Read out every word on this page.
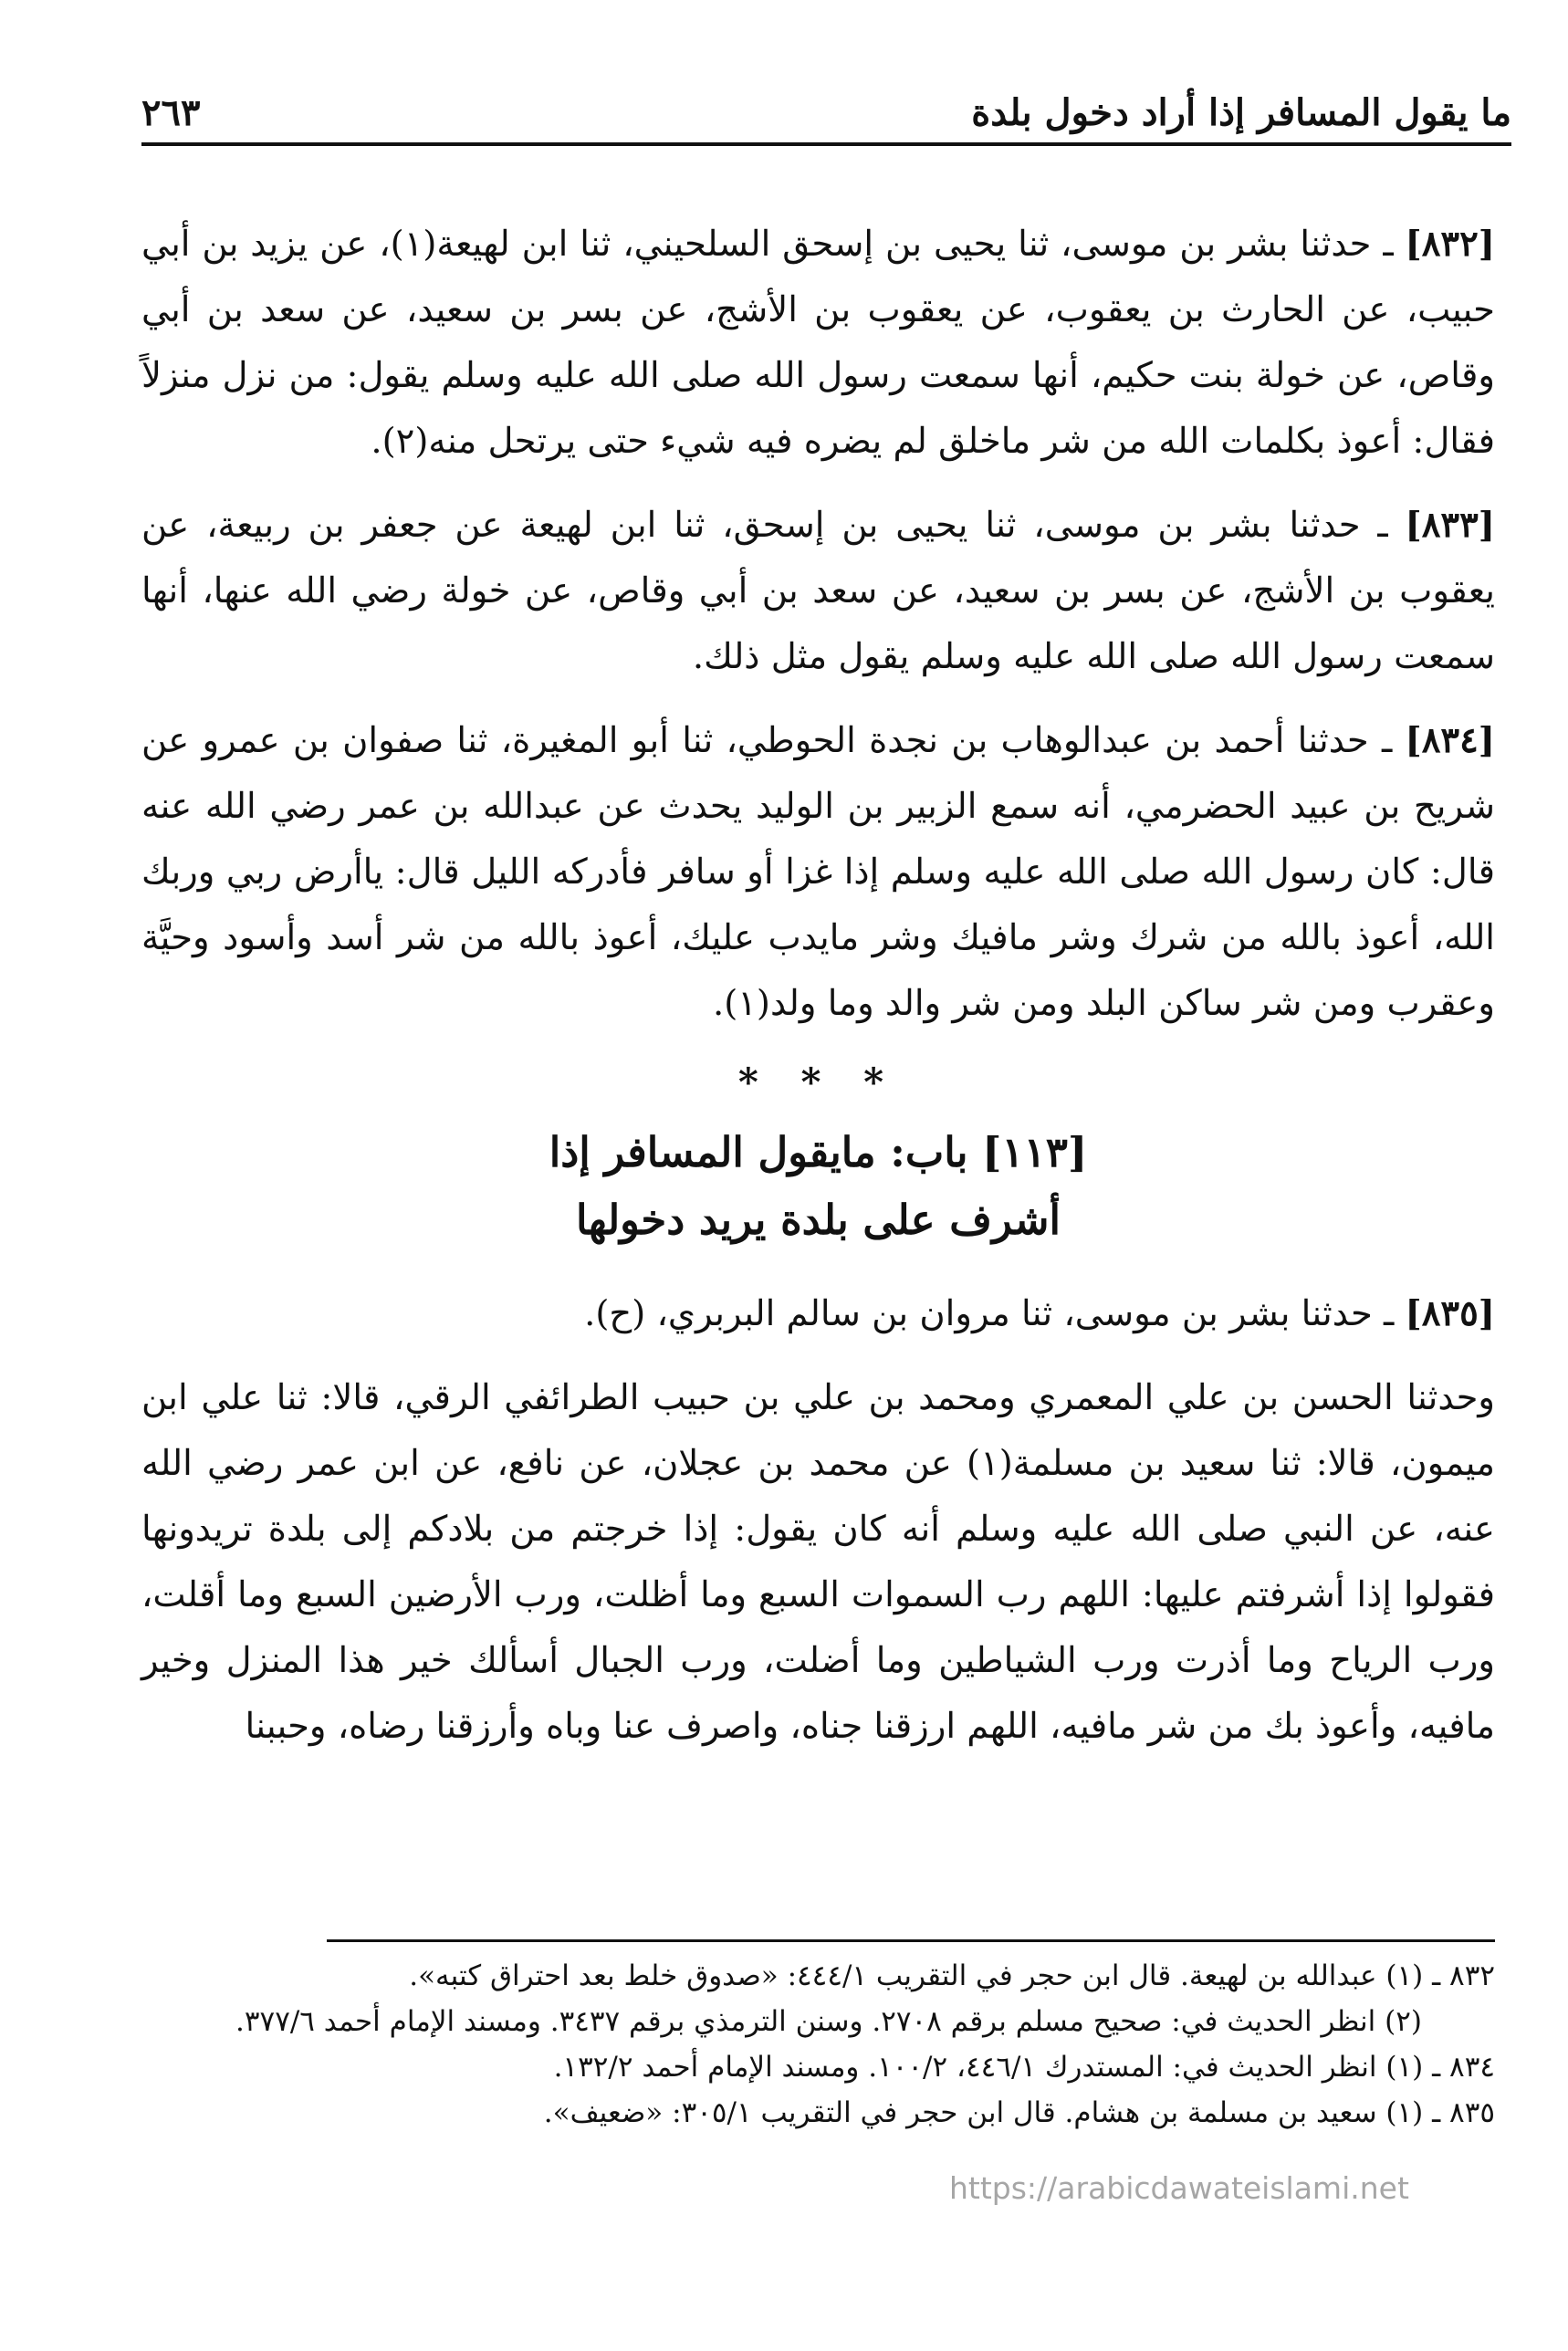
ما يقول المسافر إذا أراد دخول بلدة
٢٦٣

[٨٣٢] ـ حدثنا بشر بن موسى، ثنا يحيى بن إسحق السلحيني، ثنا ابن لهيعة(١)، عن يزيد بن أبي حبيب، عن الحارث بن يعقوب، عن يعقوب بن الأشج، عن بسر بن سعيد، عن سعد بن أبي وقاص، عن خولة بنت حكيم، أنها سمعت رسول الله صلى الله عليه وسلم يقول: من نزل منزلاً فقال: أعوذ بكلمات الله من شر ماخلق لم يضره فيه شيء حتى يرتحل منه(٢).

[٨٣٣] ـ حدثنا بشر بن موسى، ثنا يحيى بن إسحق، ثنا ابن لهيعة عن جعفر بن ربيعة، عن يعقوب بن الأشج، عن بسر بن سعيد، عن سعد بن أبي وقاص، عن خولة رضي الله عنها، أنها سمعت رسول الله صلى الله عليه وسلم يقول مثل ذلك.

[٨٣٤] ـ حدثنا أحمد بن عبدالوهاب بن نجدة الحوطي، ثنا أبو المغيرة، ثنا صفوان بن عمرو عن شريح بن عبيد الحضرمي، أنه سمع الزبير بن الوليد يحدث عن عبدالله بن عمر رضي الله عنه قال: كان رسول الله صلى الله عليه وسلم إذا غزا أو سافر فأدركه الليل قال: ياأرض ربي وربك الله، أعوذ بالله من شرك وشر مافيك وشر مايدب عليك، أعوذ بالله من شر أسد وأسود وحيَّة وعقرب ومن شر ساكن البلد ومن شر والد وما ولد(١).

* * *
[١١٣] باب: مايقول المسافر إذا
أشرف على بلدة يريد دخولها

[٨٣٥] ـ حدثنا بشر بن موسى، ثنا مروان بن سالم البربري، (ح).

وحدثنا الحسن بن علي المعمري ومحمد بن علي بن حبيب الطرائفي الرقي، قالا: ثنا علي ابن ميمون، قالا: ثنا سعيد بن مسلمة(١) عن محمد بن عجلان، عن نافع، عن ابن عمر رضي الله عنه، عن النبي صلى الله عليه وسلم أنه كان يقول: إذا خرجتم من بلادكم إلى بلدة تريدونها فقولوا إذا أشرفتم عليها: اللهم رب السموات السبع وما أظلت، ورب الأرضين السبع وما أقلت، ورب الرياح وما أذرت ورب الشياطين وما أضلت، ورب الجبال أسألك خير هذا المنزل وخير مافيه، وأعوذ بك من شر مافيه، اللهم ارزقنا جناه، واصرف عنا وباه وأرزقنا رضاه، وحببنا

٨٣٢ ـ (١) عبدالله بن لهيعة. قال ابن حجر في التقريب ٤٤٤/١: «صدوق خلط بعد احتراق كتبه».

(٢) انظر الحديث في: صحيح مسلم برقم ٢٧٠٨. وسنن الترمذي برقم ٣٤٣٧. ومسند الإمام أحمد ٣٧٧/٦.

٨٣٤ ـ (١) انظر الحديث في: المستدرك ٤٤٦/١، ١٠٠/٢. ومسند الإمام أحمد ١٣٢/٢.

٨٣٥ ـ (١) سعيد بن مسلمة بن هشام. قال ابن حجر في التقريب ٣٠٥/١: «ضعيف».

https://arabicdawateislami.net
